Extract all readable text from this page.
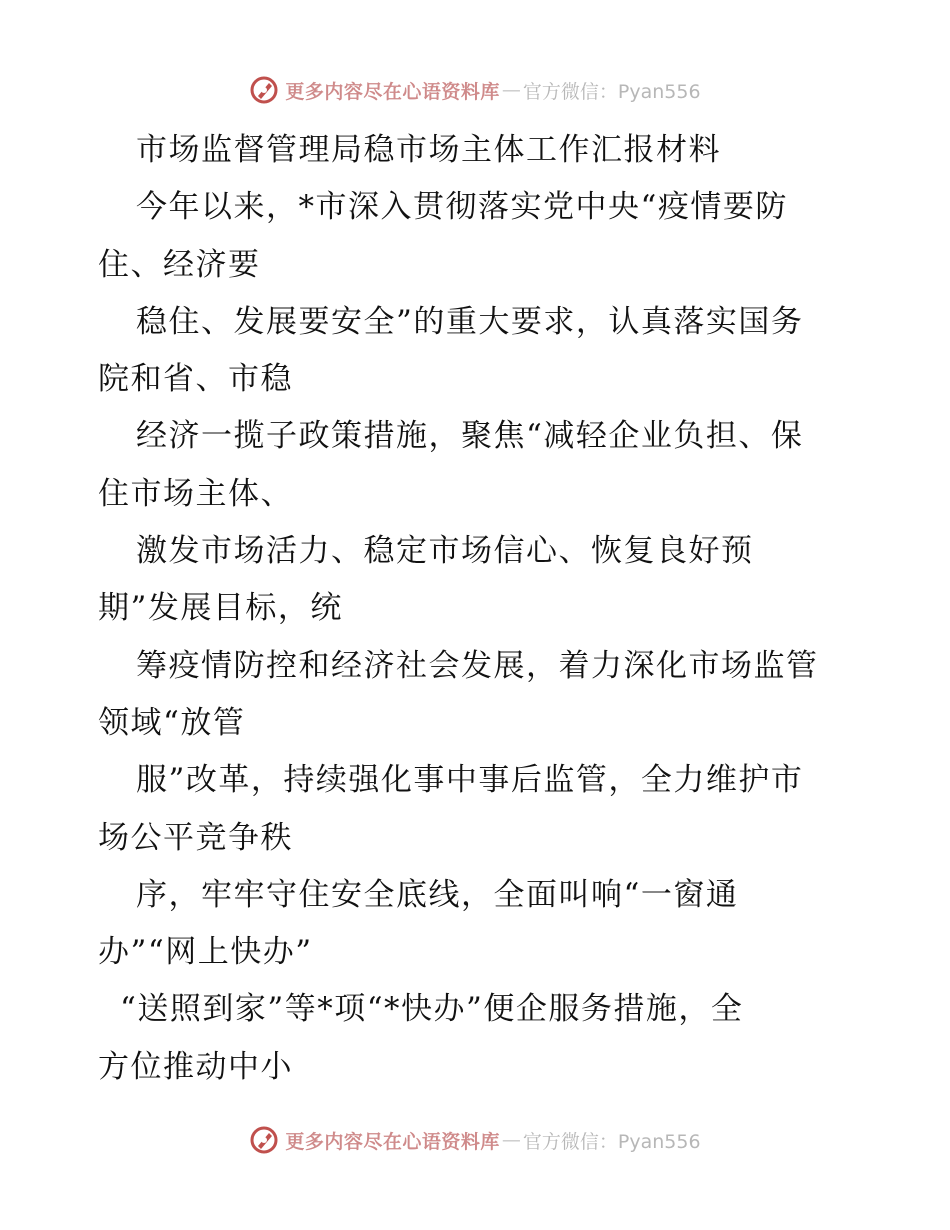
更多内容尽在心语资料库 — 官方微信：Pyan556
市场监督管理局稳市场主体工作汇报材料
今年以来，*市深入贯彻落实党中央“疫情要防
住、经济要
稳住、发展要安全”的重大要求，认真落实国务
院和省、市稳
经济一揽子政策措施，聚焦“减轻企业负担、保
住市场主体、
激发市场活力、稳定市场信心、恢复良好预
期”发展目标，统
筹疫情防控和经济社会发展，着力深化市场监管
领域“放管
服”改革，持续强化事中事后监管，全力维护市
场公平竞争秩
序，牢牢守住安全底线，全面叫响“一窗通
办”“网上快办”
“送照到家”等*项“*快办”便企服务措施，全
方位推动中小
更多内容尽在心语资料库 — 官方微信：Pyan556
